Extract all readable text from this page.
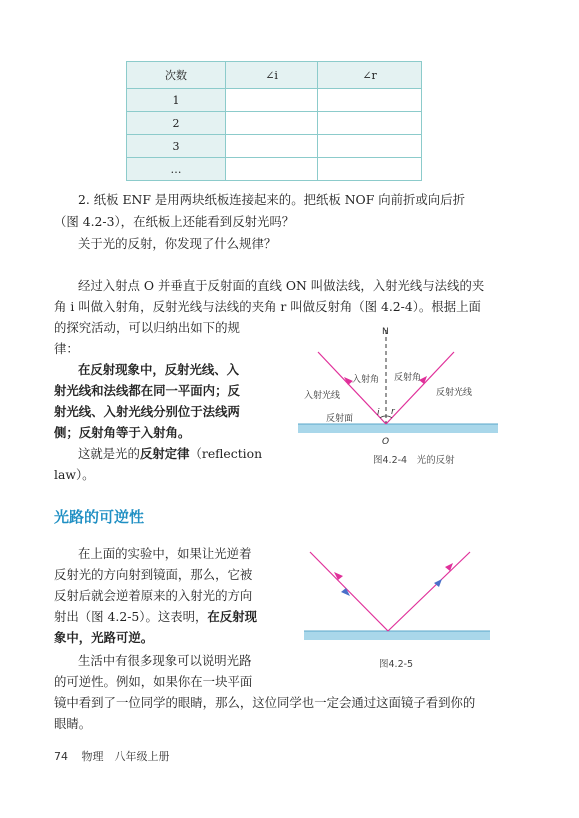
次数	∠i	∠r
1		
2		
3		
…		
2. 纸板 ENF 是用两块纸板连接起来的。把纸板 NOF 向前折或向后折
（图 4.2-3），在纸板上还能看到反射光吗？
关于光的反射，你发现了什么规律？
经过入射点 O 并垂直于反射面的直线 ON 叫做法线，入射光线与法线的夹
角 i 叫做入射角，反射光线与法线的夹角 r 叫做反射角（图 4.2-4）。根据上面
的探究活动，可以归纳出如下的规
律：
在反射现象中，反射光线、入
射光线和法线都在同一平面内；反
射光线、入射光线分别位于法线两
侧；反射角等于入射角。
这就是光的反射定律（reflection
law）。
N
入射角 反射角
入射光线	反射光线
反射面
i r
O
图4.2-4　光的反射
光路的可逆性
在上面的实验中，如果让光逆着
反射光的方向射到镜面，那么，它被
反射后就会逆着原来的入射光的方向
射出（图 4.2-5）。这表明，在反射现
象中，光路可逆。
生活中有很多现象可以说明光路
的可逆性。例如，如果你在一块平面
镜中看到了一位同学的眼睛，那么，这位同学也一定会通过这面镜子看到你的
眼睛。
图4.2-5
74 物理　八年级上册
